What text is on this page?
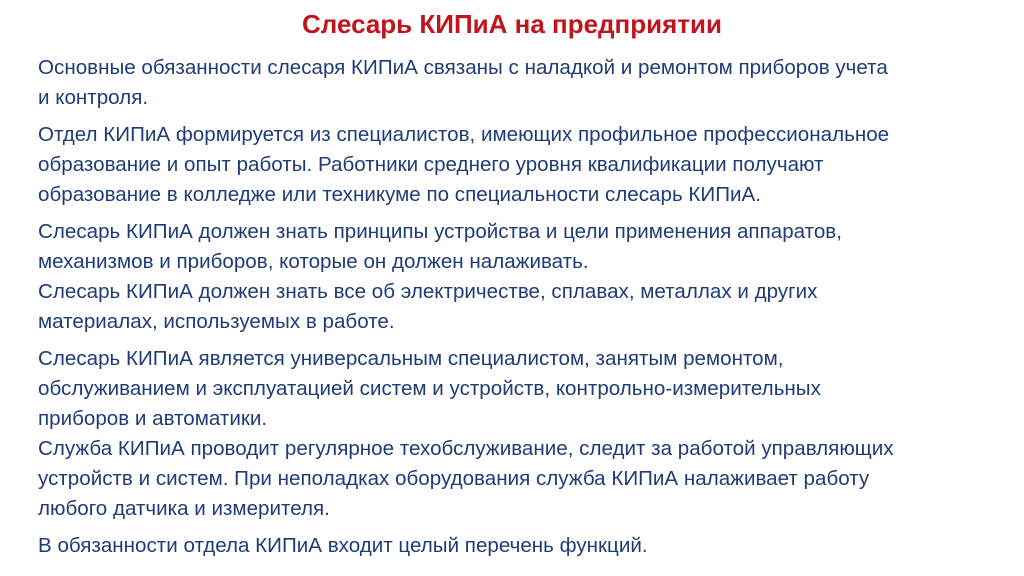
Слесарь КИПиА на предприятии

Основные обязанности слесаря КИПиА связаны с наладкой и ремонтом приборов учета
и контроля.

Отдел КИПиА формируется из специалистов, имеющих профильное профессиональное
образование и опыт работы. Работники среднего уровня квалификации получают
образование в колледже или техникуме по специальности слесарь КИПиА.

Слесарь КИПиА должен знать принципы устройства и цели применения аппаратов,
механизмов и приборов, которые он должен налаживать.
Слесарь КИПиА должен знать все об электричестве, сплавах, металлах и других
материалах, используемых в работе.

Слесарь КИПиА является универсальным специалистом, занятым ремонтом,
обслуживанием и эксплуатацией систем и устройств, контрольно-измерительных
приборов и автоматики.
Служба КИПиА проводит регулярное техобслуживание, следит за работой управляющих
устройств и систем. При неполадках оборудования служба КИПиА налаживает работу
любого датчика и измерителя.

В обязанности отдела КИПиА входит целый перечень функций.
